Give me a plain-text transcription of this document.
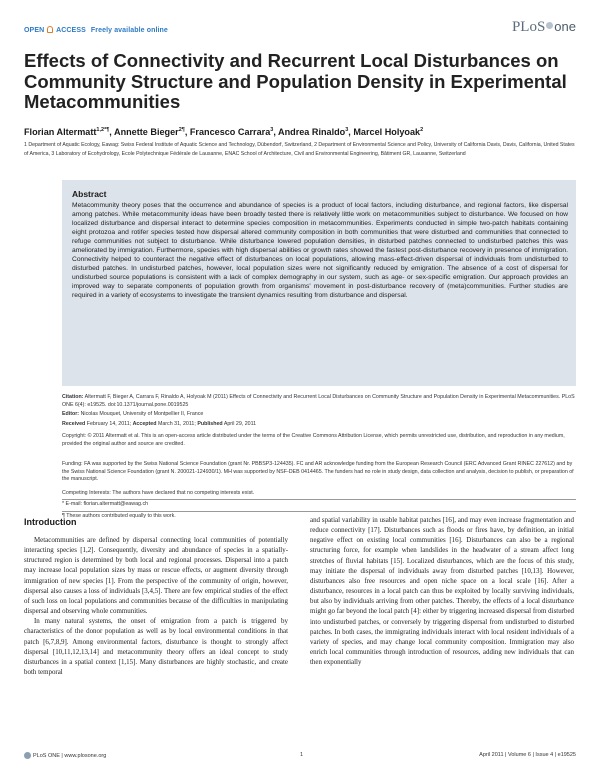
OPEN ACCESS Freely available online	PLoS one
Effects of Connectivity and Recurrent Local Disturbances on Community Structure and Population Density in Experimental Metacommunities
Florian Altermatt$^{1,2*\P}$, Annette Bieger$^{2\P}$, Francesco Carrara$^3$, Andrea Rinaldo$^3$, Marcel Holyoak$^2$

1 Department of Aquatic Ecology, Eawag: Swiss Federal Institute of Aquatic Science and Technology, Dübendorf, Switzerland, 2 Department of Environmental Science and Policy, University of California Davis, Davis, California, United States of America, 3 Laboratory of Ecohydrology, Ecole Polytechnique Fédérale de Lausanne, ENAC School of Architecture, Civil and Environmental Engineering, Bâtiment GR, Lausanne, Switzerland

Abstract

Metacommunity theory poses that the occurrence and abundance of species is a product of local factors, including disturbance, and regional factors, like dispersal among patches. While metacommunity ideas have been broadly tested there is relatively little work on metacommunities subject to disturbance. We focused on how localized disturbance and dispersal interact to determine species composition in metacommunities. Experiments conducted in simple two-patch habitats containing eight protozoa and rotifer species tested how dispersal altered community composition in both communities that were disturbed and communities that connected to refuge communities not subject to disturbance. While disturbance lowered population densities, in disturbed patches connected to undisturbed patches this was ameliorated by immigration. Furthermore, species with high dispersal abilities or growth rates showed the fastest post-disturbance recovery in presence of immigration. Connectivity helped to counteract the negative effect of disturbances on local populations, allowing mass-effect-driven dispersal of individuals from undisturbed to disturbed patches. In undisturbed patches, however, local population sizes were not significantly reduced by emigration. The absence of a cost of dispersal for undisturbed source populations is consistent with a lack of complex demography in our system, such as age- or sex-specific emigration. Our approach provides an improved way to separate components of population growth from organisms' movement in post-disturbance recovery of (meta)communities. Further studies are required in a variety of ecosystems to investigate the transient dynamics resulting from disturbance and dispersal.

Citation: Altermatt F, Bieger A, Carrara F, Rinaldo A, Holyoak M (2011) Effects of Connectivity and Recurrent Local Disturbances on Community Structure and Population Density in Experimental Metacommunities. PLoS ONE 6(4): e19525. doi:10.1371/journal.pone.0019525

Editor: Nicolas Mouquet, University of Montpellier II, France

Received February 14, 2011; Accepted March 31, 2011; Published April 29, 2011

Copyright: © 2011 Altermatt et al. This is an open-access article distributed under the terms of the Creative Commons Attribution License, which permits unrestricted use, distribution, and reproduction in any medium, provided the original author and source are credited.

Funding: FA was supported by the Swiss National Science Foundation (grant Nr. PBBSP3-124435). FC and AR acknowledge funding from the European Research Council (ERC Advanced Grant RINEC 227612) and by the Swiss National Science Foundation (grant N. 200021-124930/1). MH was supported by NSF-DEB 0414465. The funders had no role in study design, data collection and analysis, decision to publish, or preparation of the manuscript.

Competing Interests: The authors have declared that no competing interests exist.

* E-mail: florian.altermatt@eawag.ch

¶ These authors contributed equally to this work.

Introduction

Metacommunities are defined by dispersal connecting local communities of potentially interacting species [1,2]. Consequently, diversity and abundance of species in a spatially-structured region is determined by both local and regional processes. Dispersal into a patch may increase local population sizes by mass or rescue effects, or augment diversity through immigration of new species [1]. From the perspective of the community of origin, however, dispersal also causes a loss of individuals [3,4,5]. There are few empirical studies of the effect of such loss on local populations and communities because of the difficulties in manipulating dispersal and observing whole communities.

In many natural systems, the onset of emigration from a patch is triggered by characteristics of the donor population as well as by local environmental conditions in that patch [6,7,8,9]. Among environmental factors, disturbance is thought to strongly affect dispersal [10,11,12,13,14] and metacommunity theory offers an ideal concept to study disturbances in a spatial context [1,15]. Many disturbances are highly stochastic, and create both temporal

and spatial variability in usable habitat patches [16], and may even increase fragmentation and reduce connectivity [17]. Disturbances such as floods or fires have, by definition, an initial negative effect on existing local communities [16]. Disturbances can also be a regional structuring force, for example when landslides in the headwater of a stream affect long stretches of fluvial habitats [15]. Localized disturbances, which are the focus of this study, may initiate the dispersal of individuals away from disturbed patches [10,13]. However, disturbances also free resources and open niche space on a local scale [16]. After a disturbance, resources in a local patch can thus be exploited by locally surviving individuals, but also by individuals arriving from other patches. Thereby, the effects of a local disturbance might go far beyond the local patch [4]: either by triggering increased dispersal from disturbed into undisturbed patches, or conversely by triggering dispersal from undisturbed to disturbed patches. In both cases, the immigrating individuals interact with local resident individuals of a variety of species, and may change local community composition. Immigration may also enrich local communities through introduction of resources, adding new individuals that can then exponentially

PLoS ONE | www.plosone.org	1	April 2011 | Volume 6 | Issue 4 | e19525
